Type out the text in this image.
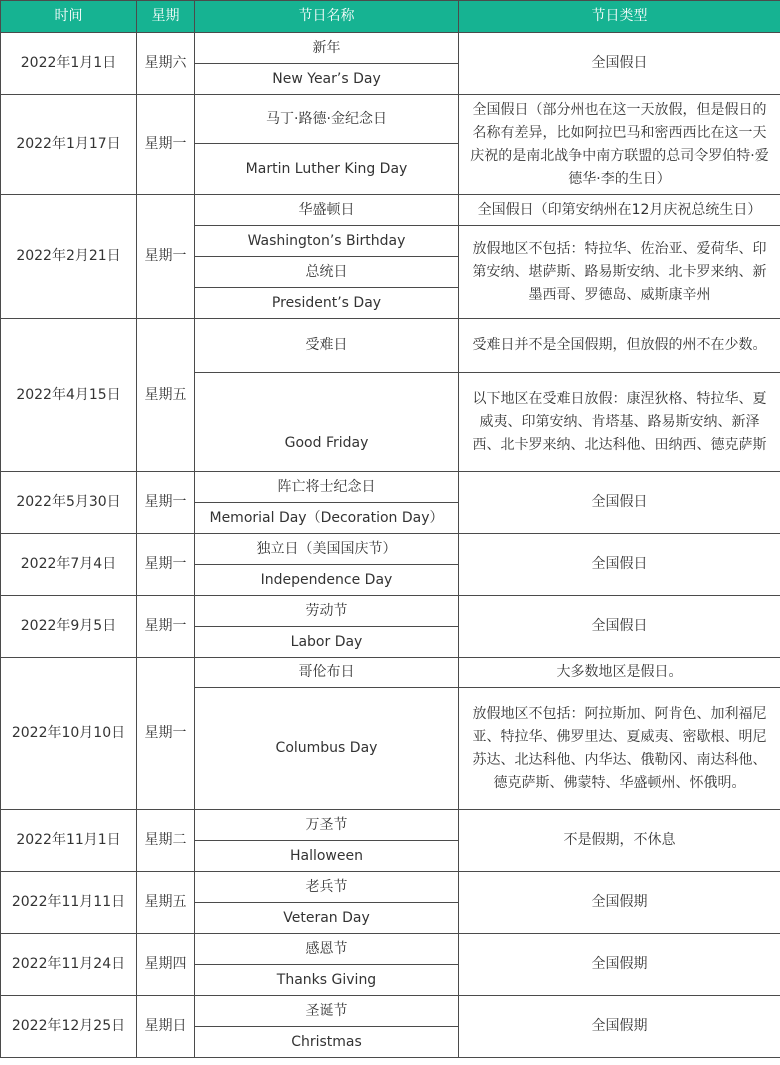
时间	星期	节日名称	节日类型
2022年1月1日	星期六	新年	全国假日
		New Year’s Day	
2022年1月17日	星期一	马丁·路德·金纪念日	全国假日（部分州也在这一天放假，但是假日的名称有差异，比如阿拉巴马和密西西比在这一天庆祝的是南北战争中南方联盟的总司令罗伯特·爱德华·李的生日）
		Martin Luther King Day	
2022年2月21日	星期一	华盛顿日	全国假日（印第安纳州在12月庆祝总统生日）
		Washington’s Birthday	放假地区不包括：特拉华、佐治亚、爱荷华、印第安纳、堪萨斯、路易斯安纳、北卡罗来纳、新墨西哥、罗德岛、威斯康辛州
		总统日	
		President’s Day	
2022年4月15日	星期五	受难日	受难日并不是全国假期，但放假的州不在少数。
		Good Friday	以下地区在受难日放假：康涅狄格、特拉华、夏威夷、印第安纳、肯塔基、路易斯安纳、新泽西、北卡罗来纳、北达科他、田纳西、德克萨斯
2022年5月30日	星期一	阵亡将士纪念日	全国假日
		Memorial Day（Decoration Day）	
2022年7月4日	星期一	独立日（美国国庆节）	全国假日
		Independence Day	
2022年9月5日	星期一	劳动节	全国假日
		Labor Day	
2022年10月10日	星期一	哥伦布日	大多数地区是假日。
		Columbus Day	放假地区不包括：阿拉斯加、阿肯色、加利福尼亚、特拉华、佛罗里达、夏威夷、密歇根、明尼苏达、北达科他、内华达、俄勒冈、南达科他、德克萨斯、佛蒙特、华盛顿州、怀俄明。
2022年11月1日	星期二	万圣节	不是假期，不休息
		Halloween	
2022年11月11日	星期五	老兵节	全国假期
		Veteran Day	
2022年11月24日	星期四	感恩节	全国假期
		Thanks Giving	
2022年12月25日	星期日	圣诞节	全国假期
		Christmas	
